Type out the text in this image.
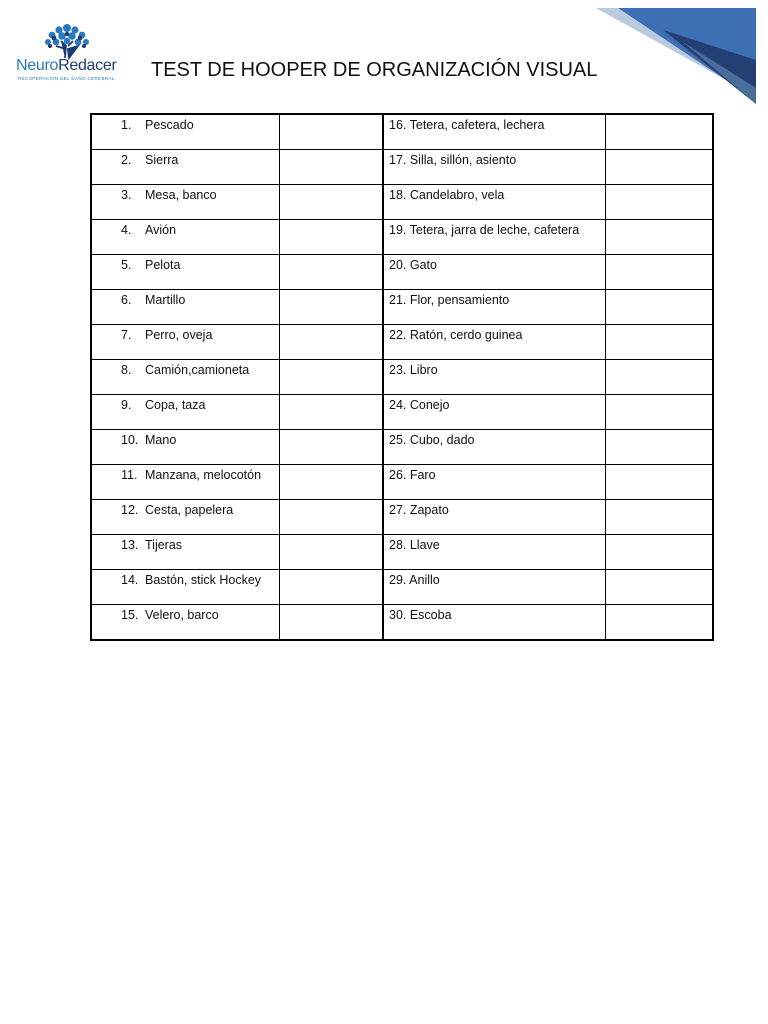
NeuroRedacer
RECUPERACIÓN DEL DAÑO CEREBRAL TEST DE HOOPER DE ORGANIZACIÓN VISUAL
1. Pescado		16. Tetera, cafetera, lechera	
2. Sierra		17. Silla, sillón, asiento	
3. Mesa, banco		18. Candelabro, vela	
4. Avión		19. Tetera, jarra de leche, cafetera	
5. Pelota		20. Gato	
6. Martillo		21. Flor, pensamiento	
7. Perro, oveja		22. Ratón, cerdo guinea	
8. Camión,camioneta		23. Libro	
9. Copa, taza		24. Conejo	
10. Mano		25. Cubo, dado	
11. Manzana, melocotón		26. Faro	
12. Cesta, papelera		27. Zapato	
13. Tijeras		28. Llave	
14. Bastón, stick Hockey		29. Anillo	
15. Velero, barco		30. Escoba	
